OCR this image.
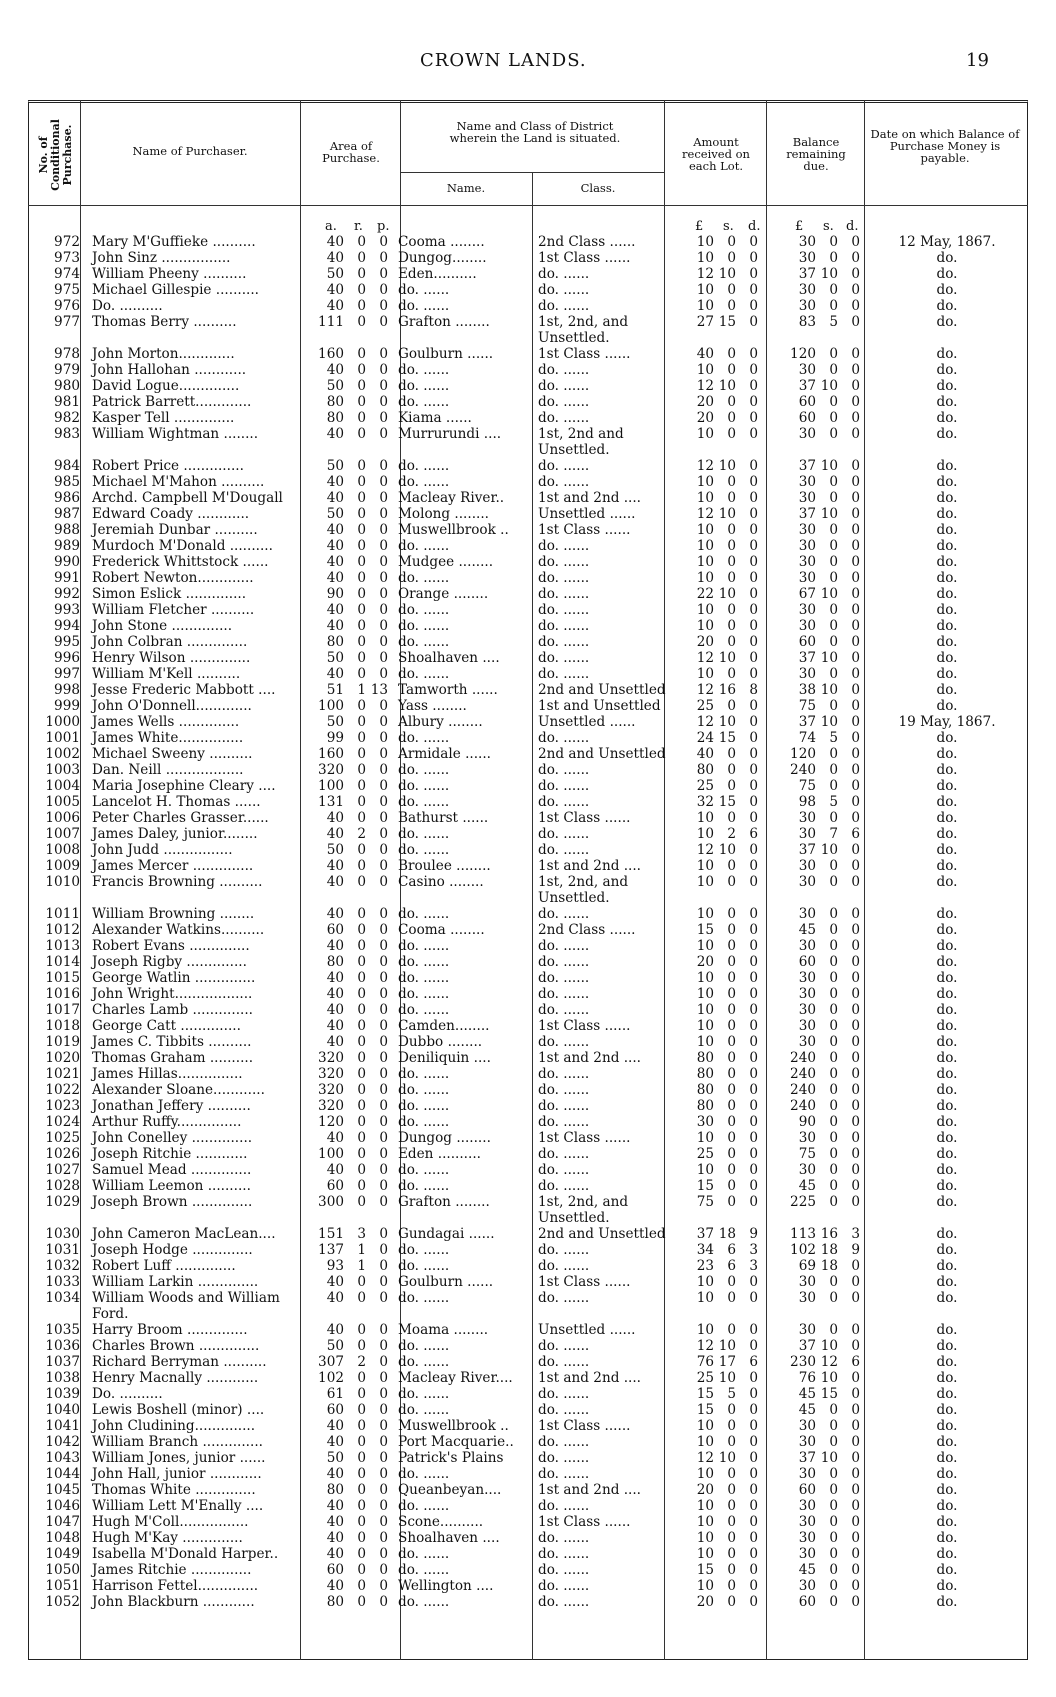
CROWN LANDS.	19
No. of Conditional Purchase.	Name of Purchaser.	Area of Purchase.
Name and Class of District wherein the Land is situated.
Name.	Class.
Amount received on each Lot.
Balance remaining due.
Date on which Balance of Purchase Money is payable.
a. r. p.	£ s. d.	£ s. d.
972	Mary M'Guffieke ..........	40	0	0	Cooma ........	2nd Class ......	10	0	0	30	0	0	12 May, 1867.
973	John Sinz ................	40	0	0	Dungog........	1st Class ......	10	0	0	30	0	0	do.
974	William Pheeny ..........	50	0	0	Eden..........	do. ......	12	10	0	37	10	0	do.
975	Michael Gillespie ..........	40	0	0	do. ......	do. ......	10	0	0	30	0	0	do.
976	Do. ..........	40	0	0	do. ......	do. ......	10	0	0	30	0	0	do.
977	Thomas Berry ..........	111	0	0	Grafton ........	1st, 2nd, and Unsettled.	27	15	0	83	5	0	do.
978	John Morton.............	160	0	0	Goulburn ......	1st Class ......	40	0	0	120	0	0	do.
979	John Hallohan ............	40	0	0	do. ......	do. ......	10	0	0	30	0	0	do.
980	David Logue..............	50	0	0	do. ......	do. ......	12	10	0	37	10	0	do.
981	Patrick Barrett.............	80	0	0	do. ......	do. ......	20	0	0	60	0	0	do.
982	Kasper Tell ..............	80	0	0	Kiama ......	do. ......	20	0	0	60	0	0	do.
983	William Wightman ........	40	0	0	Murrurundi ....	1st, 2nd and Unsettled.	10	0	0	30	0	0	do.
984	Robert Price ..............	50	0	0	do. ......	do. ......	12	10	0	37	10	0	do.
985	Michael M'Mahon ..........	40	0	0	do. ......	do. ......	10	0	0	30	0	0	do.
986	Archd. Campbell M'Dougall	40	0	0	Macleay River..	1st and 2nd ....	10	0	0	30	0	0	do.
987	Edward Coady ............	50	0	0	Molong ........	Unsettled ......	12	10	0	37	10	0	do.
988	Jeremiah Dunbar ..........	40	0	0	Muswellbrook ..	1st Class ......	10	0	0	30	0	0	do.
989	Murdoch M'Donald ..........	40	0	0	do. ......	do. ......	10	0	0	30	0	0	do.
990	Frederick Whittstock ......	40	0	0	Mudgee ........	do. ......	10	0	0	30	0	0	do.
991	Robert Newton.............	40	0	0	do. ......	do. ......	10	0	0	30	0	0	do.
992	Simon Eslick ..............	90	0	0	Orange ........	do. ......	22	10	0	67	10	0	do.
993	William Fletcher ..........	40	0	0	do. ......	do. ......	10	0	0	30	0	0	do.
994	John Stone ..............	40	0	0	do. ......	do. ......	10	0	0	30	0	0	do.
995	John Colbran ..............	80	0	0	do. ......	do. ......	20	0	0	60	0	0	do.
996	Henry Wilson ..............	50	0	0	Shoalhaven ....	do. ......	12	10	0	37	10	0	do.
997	William M'Kell ..........	40	0	0	do. ......	do. ......	10	0	0	30	0	0	do.
998	Jesse Frederic Mabbott ....	51	1	13	Tamworth ......	2nd and Unsettled	12	16	8	38	10	0	do.
999	John O'Donnell.............	100	0	0	Yass ........	1st and Unsettled	25	0	0	75	0	0	do.
1000	James Wells ..............	50	0	0	Albury ........	Unsettled ......	12	10	0	37	10	0	19 May, 1867.
1001	James White...............	99	0	0	do. ......	do. ......	24	15	0	74	5	0	do.
1002	Michael Sweeny ..........	160	0	0	Armidale ......	2nd and Unsettled	40	0	0	120	0	0	do.
1003	Dan. Neill ..................	320	0	0	do. ......	do. ......	80	0	0	240	0	0	do.
1004	Maria Josephine Cleary ....	100	0	0	do. ......	do. ......	25	0	0	75	0	0	do.
1005	Lancelot H. Thomas ......	131	0	0	do. ......	do. ......	32	15	0	98	5	0	do.
1006	Peter Charles Grasser......	40	0	0	Bathurst ......	1st Class ......	10	0	0	30	0	0	do.
1007	James Daley, junior........	40	2	0	do. ......	do. ......	10	2	6	30	7	6	do.
1008	John Judd ................	50	0	0	do. ......	do. ......	12	10	0	37	10	0	do.
1009	James Mercer ..............	40	0	0	Broulee ........	1st and 2nd ....	10	0	0	30	0	0	do.
1010	Francis Browning ..........	40	0	0	Casino ........	1st, 2nd, and Unsettled.	10	0	0	30	0	0	do.
1011	William Browning ........	40	0	0	do. ......	do. ......	10	0	0	30	0	0	do.
1012	Alexander Watkins..........	60	0	0	Cooma ........	2nd Class ......	15	0	0	45	0	0	do.
1013	Robert Evans ..............	40	0	0	do. ......	do. ......	10	0	0	30	0	0	do.
1014	Joseph Rigby ..............	80	0	0	do. ......	do. ......	20	0	0	60	0	0	do.
1015	George Watlin ..............	40	0	0	do. ......	do. ......	10	0	0	30	0	0	do.
1016	John Wright..................	40	0	0	do. ......	do. ......	10	0	0	30	0	0	do.
1017	Charles Lamb ..............	40	0	0	do. ......	do. ......	10	0	0	30	0	0	do.
1018	George Catt ..............	40	0	0	Camden........	1st Class ......	10	0	0	30	0	0	do.
1019	James C. Tibbits ..........	40	0	0	Dubbo ........	do. ......	10	0	0	30	0	0	do.
1020	Thomas Graham ..........	320	0	0	Deniliquin ....	1st and 2nd ....	80	0	0	240	0	0	do.
1021	James Hillas...............	320	0	0	do. ......	do. ......	80	0	0	240	0	0	do.
1022	Alexander Sloane............	320	0	0	do. ......	do. ......	80	0	0	240	0	0	do.
1023	Jonathan Jeffery ..........	320	0	0	do. ......	do. ......	80	0	0	240	0	0	do.
1024	Arthur Ruffy...............	120	0	0	do. ......	do. ......	30	0	0	90	0	0	do.
1025	John Conelley ..............	40	0	0	Dungog ........	1st Class ......	10	0	0	30	0	0	do.
1026	Joseph Ritchie ............	100	0	0	Eden ..........	do. ......	25	0	0	75	0	0	do.
1027	Samuel Mead ..............	40	0	0	do. ......	do. ......	10	0	0	30	0	0	do.
1028	William Leemon ..........	60	0	0	do. ......	do. ......	15	0	0	45	0	0	do.
1029	Joseph Brown ..............	300	0	0	Grafton ........	1st, 2nd, and Unsettled.	75	0	0	225	0	0	do.
1030	John Cameron MacLean....	151	3	0	Gundagai ......	2nd and Unsettled	37	18	9	113	16	3	do.
1031	Joseph Hodge ..............	137	1	0	do. ......	do. ......	34	6	3	102	18	9	do.
1032	Robert Luff ..............	93	1	0	do. ......	do. ......	23	6	3	69	18	0	do.
1033	William Larkin ..............	40	0	0	Goulburn ......	1st Class ......	10	0	0	30	0	0	do.
1034	William Woods and William Ford.	40	0	0	do. ......	do. ......	10	0	0	30	0	0	do.
1035	Harry Broom ..............	40	0	0	Moama ........	Unsettled ......	10	0	0	30	0	0	do.
1036	Charles Brown ..............	50	0	0	do. ......	do. ......	12	10	0	37	10	0	do.
1037	Richard Berryman ..........	307	2	0	do. ......	do. ......	76	17	6	230	12	6	do.
1038	Henry Macnally ............	102	0	0	Macleay River....	1st and 2nd ....	25	10	0	76	10	0	do.
1039	Do. ..........	61	0	0	do. ......	do. ......	15	5	0	45	15	0	do.
1040	Lewis Boshell (minor) ....	60	0	0	do. ......	do. ......	15	0	0	45	0	0	do.
1041	John Cludining..............	40	0	0	Muswellbrook ..	1st Class ......	10	0	0	30	0	0	do.
1042	William Branch ..............	40	0	0	Port Macquarie..	do. ......	10	0	0	30	0	0	do.
1043	William Jones, junior ......	50	0	0	Patrick's Plains	do. ......	12	10	0	37	10	0	do.
1044	John Hall, junior ............	40	0	0	do. ......	do. ......	10	0	0	30	0	0	do.
1045	Thomas White ..............	80	0	0	Queanbeyan....	1st and 2nd ....	20	0	0	60	0	0	do.
1046	William Lett M'Enally ....	40	0	0	do. ......	do. ......	10	0	0	30	0	0	do.
1047	Hugh M'Coll................	40	0	0	Scone..........	1st Class ......	10	0	0	30	0	0	do.
1048	Hugh M'Kay ..............	40	0	0	Shoalhaven ....	do. ......	10	0	0	30	0	0	do.
1049	Isabella M'Donald Harper..	40	0	0	do. ......	do. ......	10	0	0	30	0	0	do.
1050	James Ritchie ..............	60	0	0	do. ......	do. ......	15	0	0	45	0	0	do.
1051	Harrison Fettel..............	40	0	0	Wellington ....	do. ......	10	0	0	30	0	0	do.
1052	John Blackburn ............	80	0	0	do. ......	do. ......	20	0	0	60	0	0	do.
